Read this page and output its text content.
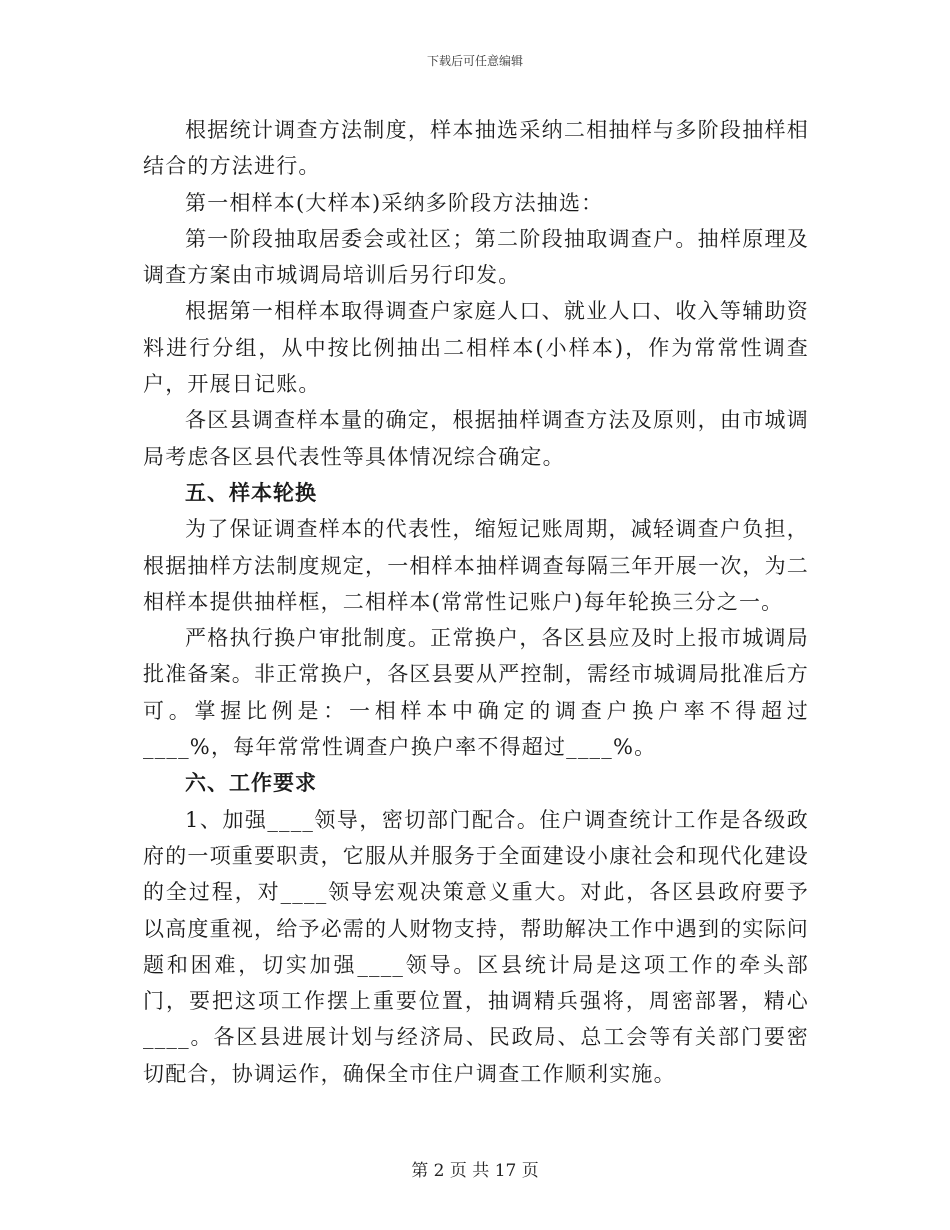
下载后可任意编辑

根据统计调查方法制度，样本抽选采纳二相抽样与多阶段抽样相结合的方法进行。

第一相样本(大样本)采纳多阶段方法抽选：

第一阶段抽取居委会或社区；第二阶段抽取调查户。抽样原理及调查方案由市城调局培训后另行印发。

根据第一相样本取得调查户家庭人口、就业人口、收入等辅助资料进行分组，从中按比例抽出二相样本(小样本)，作为常常性调查户，开展日记账。

各区县调查样本量的确定，根据抽样调查方法及原则，由市城调局考虑各区县代表性等具体情况综合确定。

五、样本轮换

为了保证调查样本的代表性，缩短记账周期，减轻调查户负担，根据抽样方法制度规定，一相样本抽样调查每隔三年开展一次，为二相样本提供抽样框，二相样本(常常性记账户)每年轮换三分之一。

严格执行换户审批制度。正常换户，各区县应及时上报市城调局批准备案。非正常换户，各区县要从严控制，需经市城调局批准后方可。掌握比例是：一相样本中确定的调查户换户率不得超过____%，每年常常性调查户换户率不得超过____%。

六、工作要求

1、加强____领导，密切部门配合。住户调查统计工作是各级政府的一项重要职责，它服从并服务于全面建设小康社会和现代化建设的全过程，对____领导宏观决策意义重大。对此，各区县政府要予以高度重视，给予必需的人财物支持，帮助解决工作中遇到的实际问题和困难，切实加强____领导。区县统计局是这项工作的牵头部门，要把这项工作摆上重要位置，抽调精兵强将，周密部署，精心____。各区县进展计划与经济局、民政局、总工会等有关部门要密切配合，协调运作，确保全市住户调查工作顺利实施。

第 2 页 共 17 页
